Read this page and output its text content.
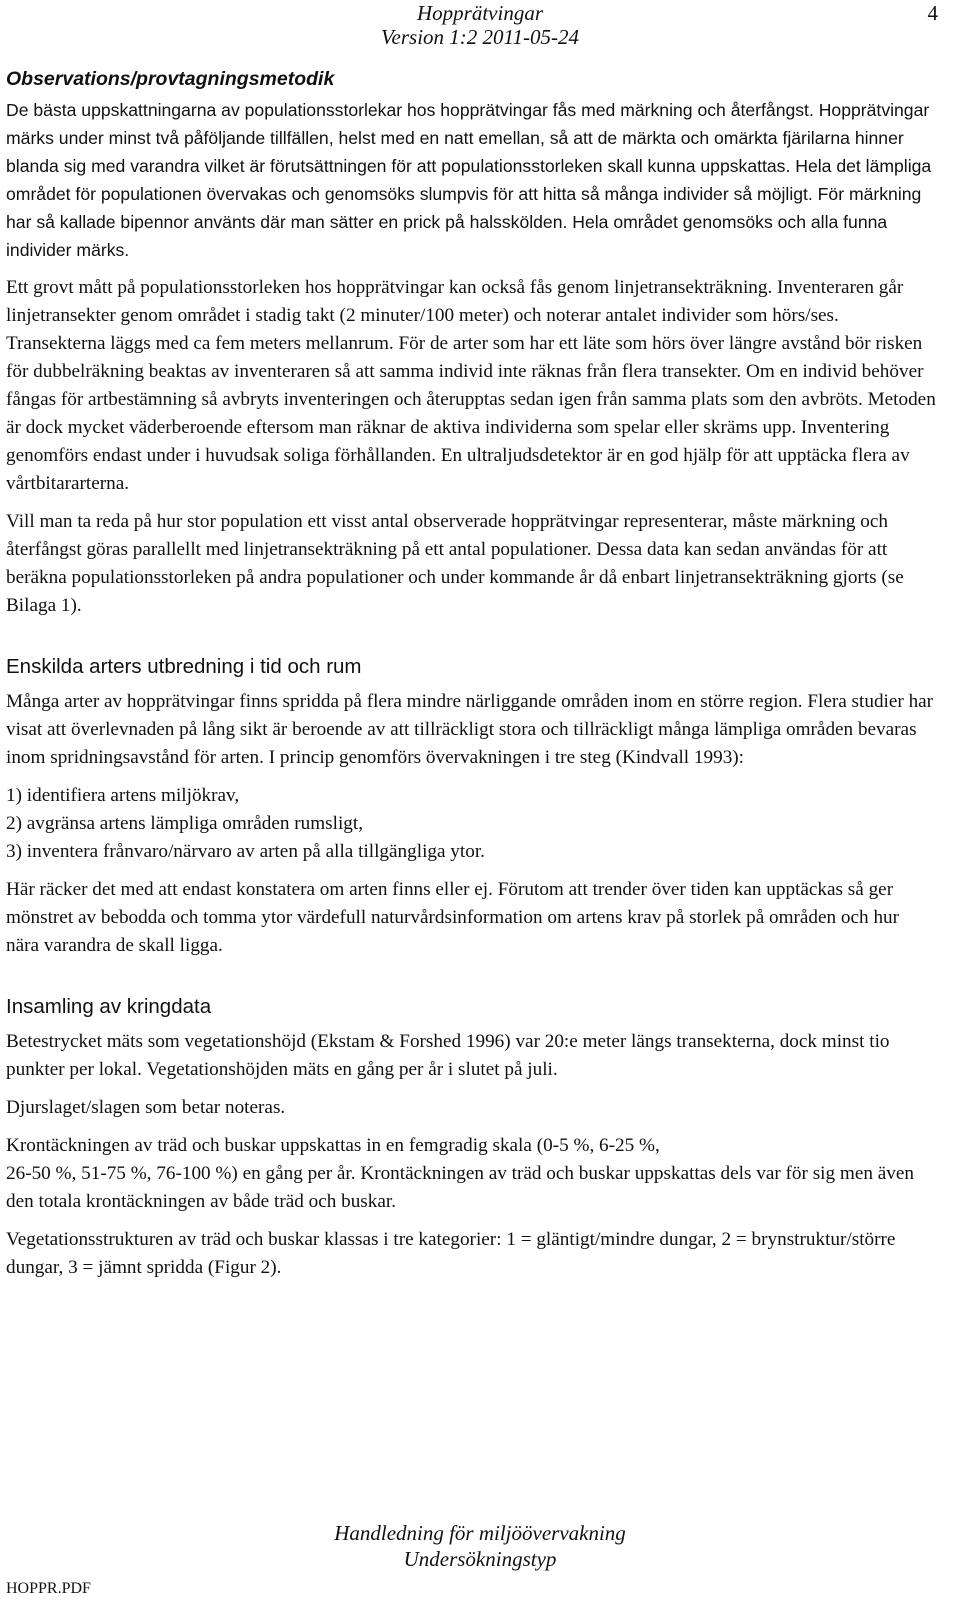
Hopprätvingar
Version 1:2 2011-05-24
4
Observations/provtagningsmetodik

De bästa uppskattningarna av populationsstorlekar hos hopprätvingar fås med märkning och återfångst. Hopprätvingar märks under minst två påföljande tillfällen, helst med en natt emellan, så att de märkta och omärkta fjärilarna hinner blanda sig med varandra vilket är förutsättningen för att populationsstorleken skall kunna uppskattas. Hela det lämpliga området för populationen övervakas och genomsöks slumpvis för att hitta så många individer så möjligt. För märkning har så kallade bipennor använts där man sätter en prick på halsskölden. Hela området genomsöks och alla funna individer märks.

Ett grovt mått på populationsstorleken hos hopprätvingar kan också fås genom linjetransekträkning. Inventeraren går linjetransekter genom området i stadig takt (2 minuter/100 meter) och noterar antalet individer som hörs/ses. Transekterna läggs med ca fem meters mellanrum. För de arter som har ett läte som hörs över längre avstånd bör risken för dubbelräkning beaktas av inventeraren så att samma individ inte räknas från flera transekter. Om en individ behöver fångas för artbestämning så avbryts inventeringen och återupptas sedan igen från samma plats som den avbröts. Metoden är dock mycket väderberoende eftersom man räknar de aktiva individerna som spelar eller skräms upp. Inventering genomförs endast under i huvudsak soliga förhållanden. En ultraljudsdetektor är en god hjälp för att upptäcka flera av vårtbitararterna.

Vill man ta reda på hur stor population ett visst antal observerade hopprätvingar representerar, måste märkning och återfångst göras parallellt med linjetransekträkning på ett antal populationer. Dessa data kan sedan användas för att beräkna populationsstorleken på andra populationer och under kommande år då enbart linjetransekträkning gjorts (se Bilaga 1).

Enskilda arters utbredning i tid och rum

Många arter av hopprätvingar finns spridda på flera mindre närliggande områden inom en större region. Flera studier har visat att överlevnaden på lång sikt är beroende av att tillräckligt stora och tillräckligt många lämpliga områden bevaras inom spridningsavstånd för arten. I princip genomförs övervakningen i tre steg (Kindvall 1993):

1) identifiera artens miljökrav,

2) avgränsa artens lämpliga områden rumsligt,

3) inventera frånvaro/närvaro av arten på alla tillgängliga ytor.

Här räcker det med att endast konstatera om arten finns eller ej. Förutom att trender över tiden kan upptäckas så ger mönstret av bebodda och tomma ytor värdefull naturvårdsinformation om artens krav på storlek på områden och hur nära varandra de skall ligga.

Insamling av kringdata

Betestrycket mäts som vegetationshöjd (Ekstam & Forshed 1996) var 20:e meter längs transekterna, dock minst tio punkter per lokal. Vegetationshöjden mäts en gång per år i slutet på juli.

Djurslaget/slagen som betar noteras.

Krontäckningen av träd och buskar uppskattas in en femgradig skala (0-5 %, 6-25 %,
26-50 %, 51-75 %, 76-100 %) en gång per år. Krontäckningen av träd och buskar uppskattas dels var för sig men även den totala krontäckningen av både träd och buskar.

Vegetationsstrukturen av träd och buskar klassas i tre kategorier: 1 = gläntigt/mindre dungar, 2 = brynstruktur/större dungar, 3 = jämnt spridda (Figur 2).

Handledning för miljöövervakning
Undersökningstyp
HOPPR.PDF
